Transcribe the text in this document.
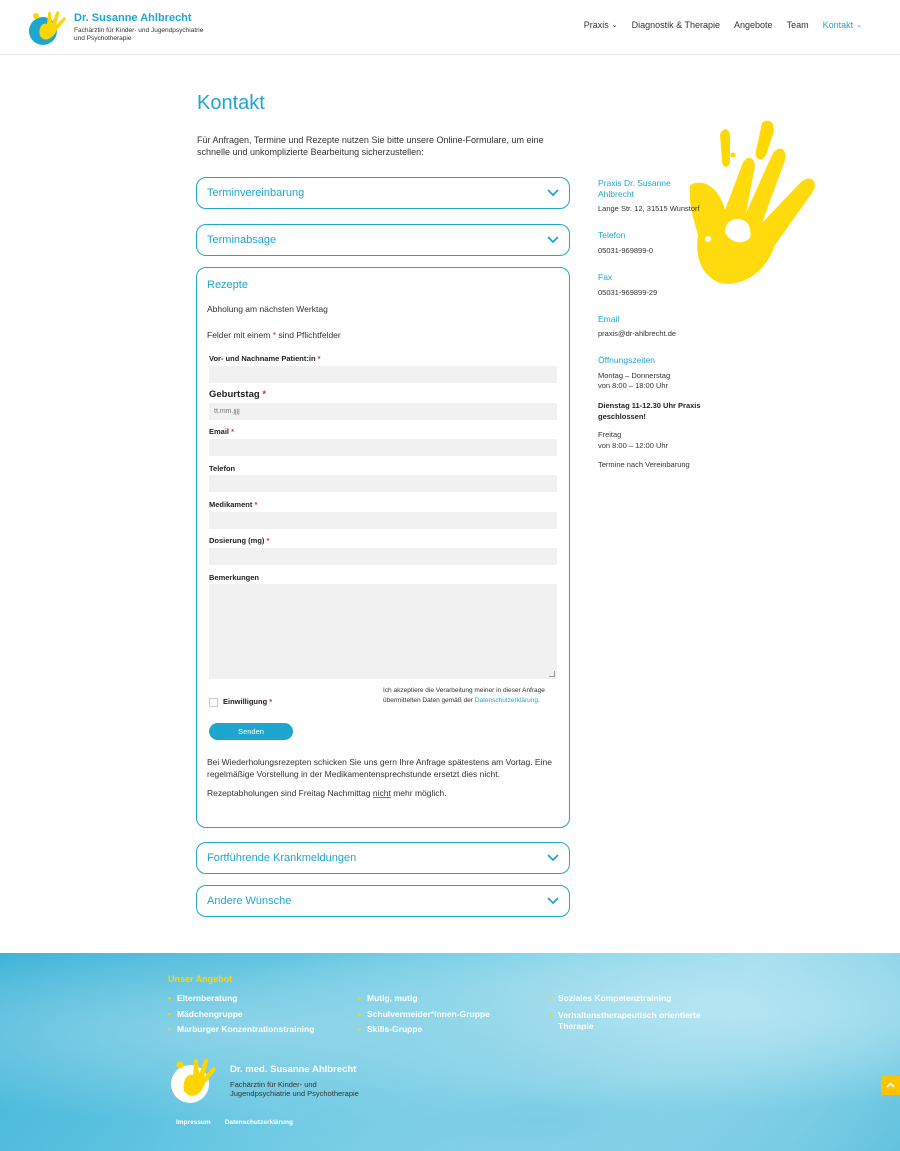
Dr. Susanne Ahlbrecht
Fachärztin für Kinder- und Jugendpsychiatrie und Psychotherapie
Praxis ⌄ Diagnostik & Therapie Angebote Team Kontakt ⌄
Kontakt

Für Anfragen, Termine und Rezepte nutzen Sie bitte unsere Online-Formulare, um eine schnelle und unkomplizierte Bearbeitung sicherzustellen:

Terminvereinbarung
Terminabsage
Rezepte
Abholung am nächsten Werktag
Felder mit einem * sind Pflichtfelder
Vor- und Nachname Patient:in *
Geburtstag *
tt.mm.jjjj
Email *
Telefon
Medikament *
Dosierung (mg) *
Bemerkungen
Einwilligung *
Ich akzeptiere die Verarbeitung meiner in dieser Anfrage übermittelten Daten gemäß der Datenschutzerklärung.
Senden

Bei Wiederholungsrezepten schicken Sie uns gern Ihre Anfrage spätestens am Vortag. Eine regelmäßige Vorstellung in der Medikamentensprechstunde ersetzt dies nicht.

Rezeptabholungen sind Freitag Nachmittag nicht mehr möglich.

Fortführende Krankmeldungen
Andere Wünsche
Praxis Dr. Susanne Ahlbrecht
Lange Str. 12, 31515 Wunstorf
Telefon
05031-969899-0
Fax
05031-969899-29
Email
praxis@dr-ahlbrecht.de
Öffnungszeiten
Montag – Donnerstag
von 8:00 – 18:00 Uhr
Dienstag 11-12.30 Uhr Praxis geschlossen!
Freitag
von 8:00 – 12:00 Uhr
Termine nach Vereinbarung
Unser Angebot
• Elternberatung
• Mädchengruppe
• Marburger Konzentrationstraining
• Mutig, mutig
• Schulvermeider*innen-Gruppe
• Skills-Gruppe
• Soziales Kompetenztraining
• Verhaltenstherapeutisch orientierte Therapie
Dr. med. Susanne Ahlbrecht
Fachärztin für Kinder- und Jugendpsychiatrie und Psychotherapie
Impressum Datenschutzerklärung
